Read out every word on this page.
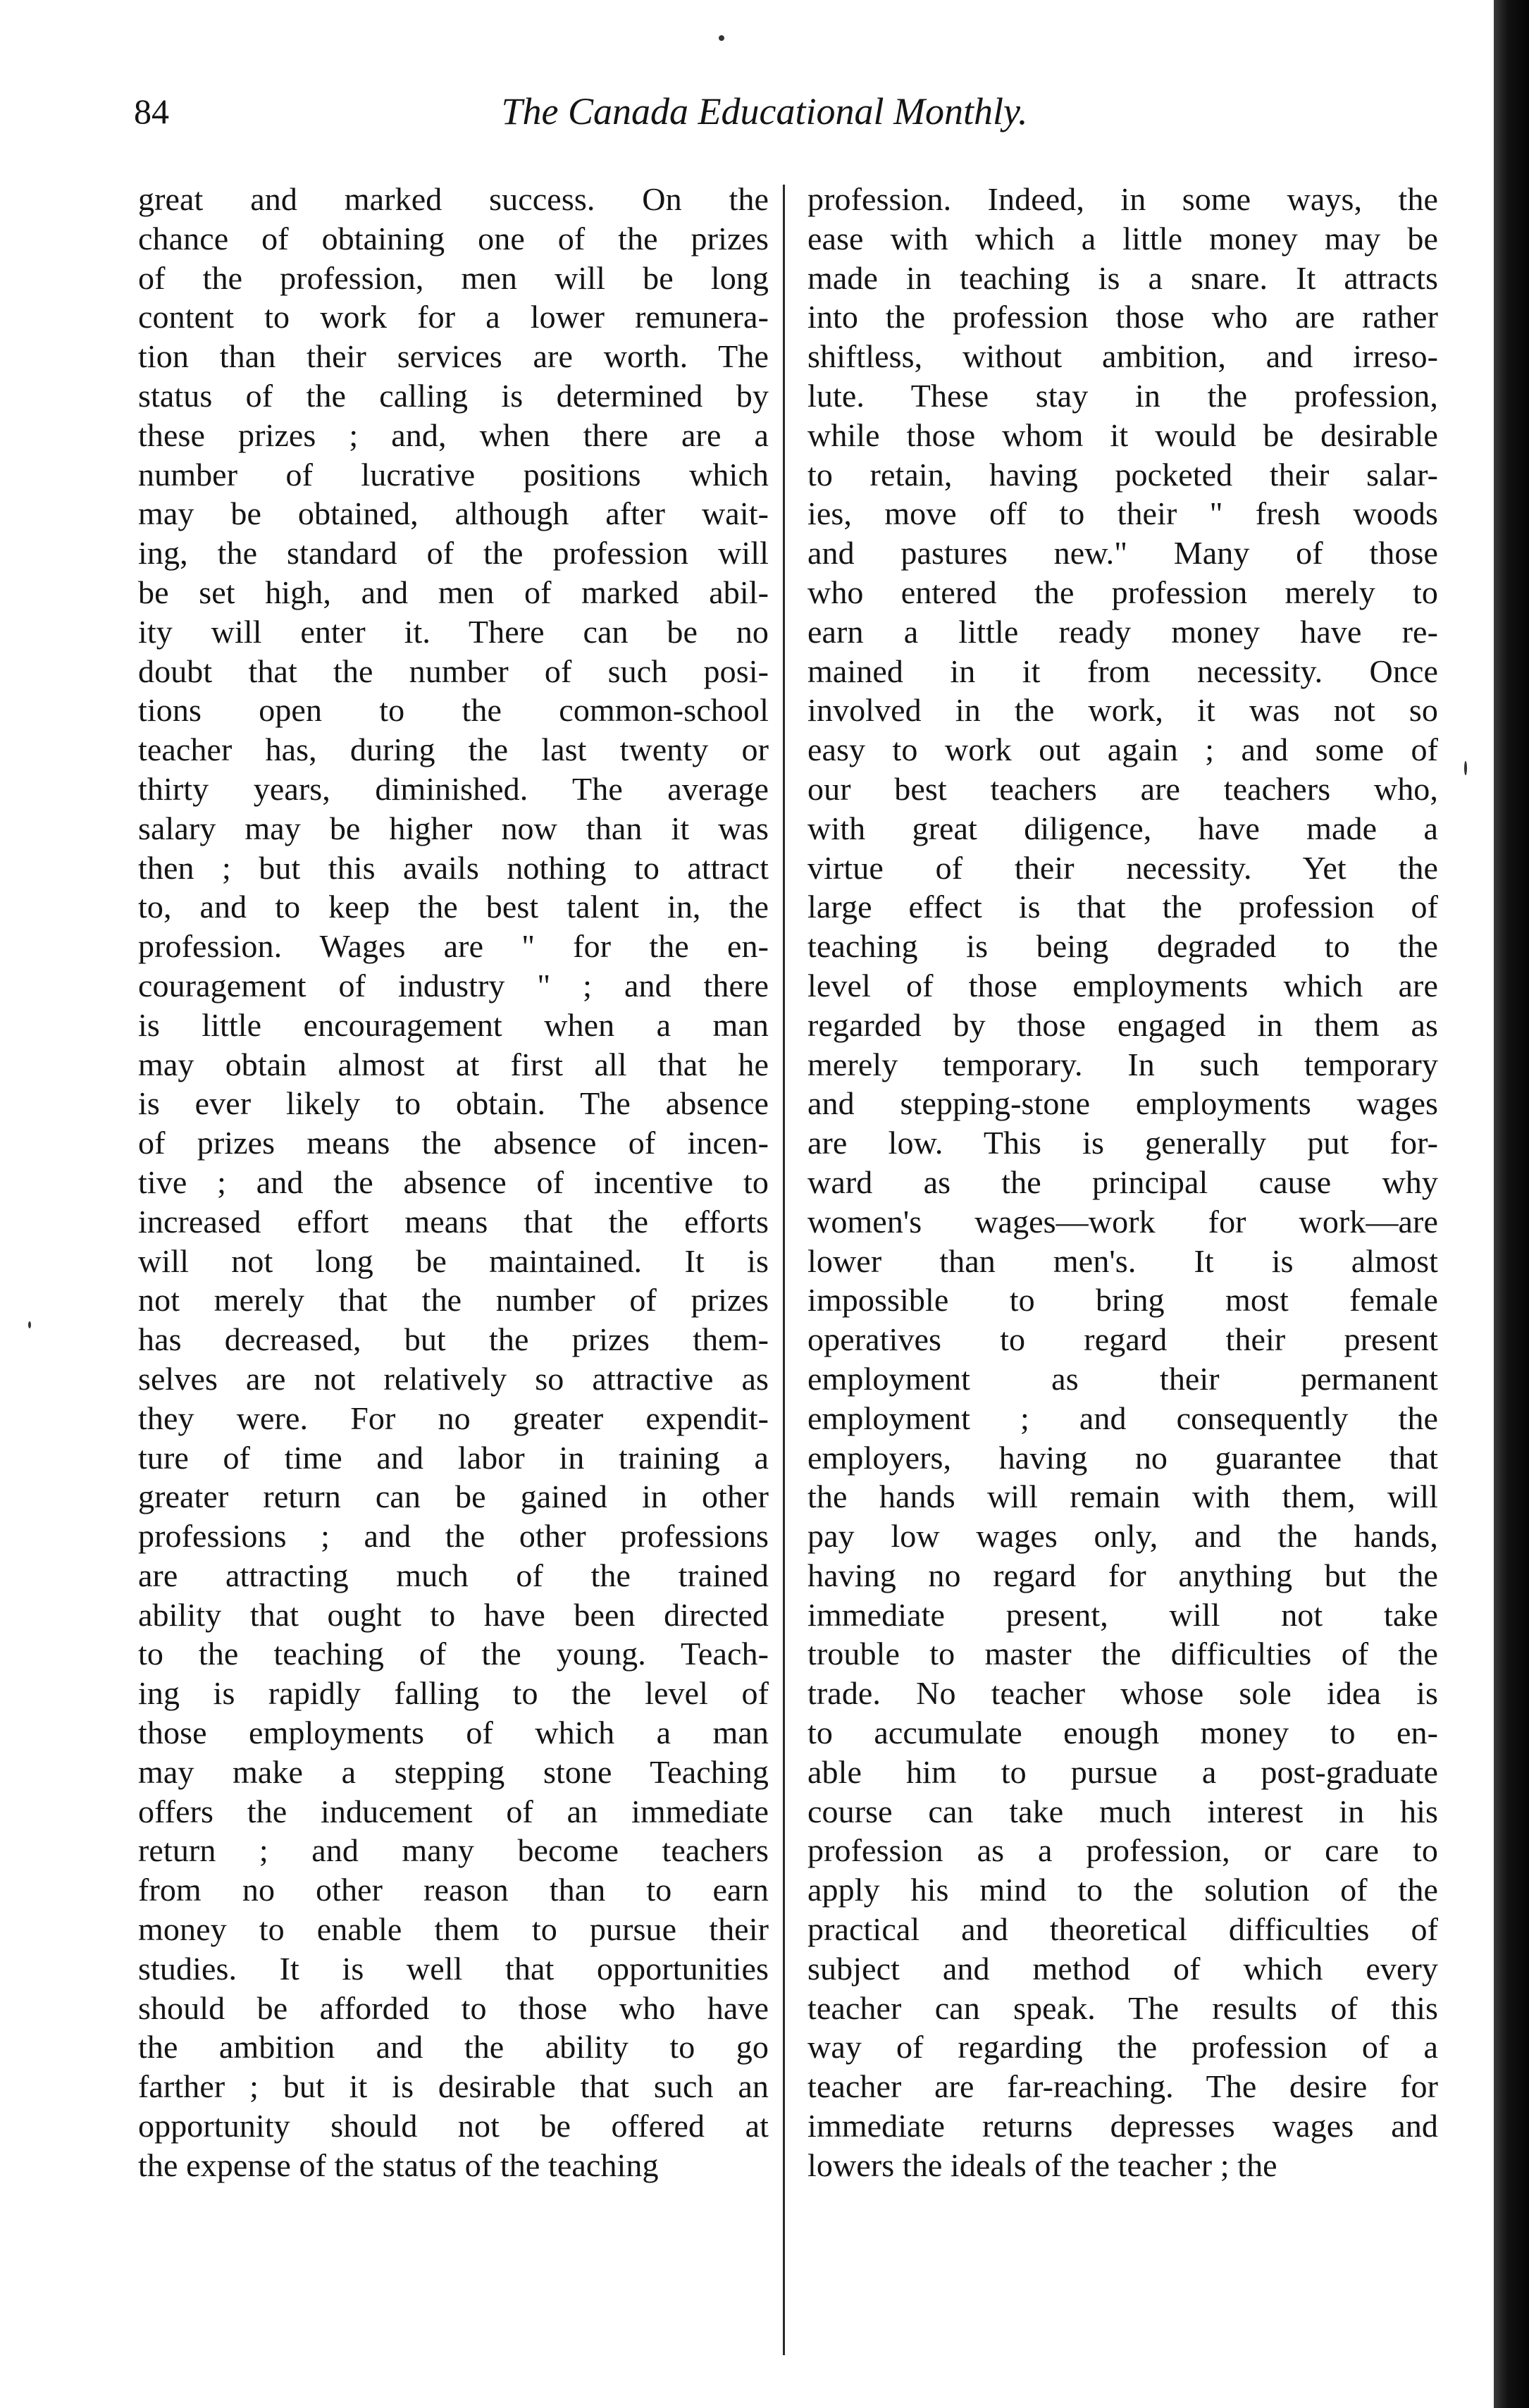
84	The Canada Educational Monthly.
great and marked success. On the
chance of obtaining one of the prizes
of the profession, men will be long
content to work for a lower remunera-
tion than their services are worth. The
status of the calling is determined by
these prizes ; and, when there are a
number of lucrative positions which
may be obtained, although after wait-
ing, the standard of the profession will
be set high, and men of marked abil-
ity will enter it. There can be no
doubt that the number of such posi-
tions open to the common-school
teacher has, during the last twenty or
thirty years, diminished. The average
salary may be higher now than it was
then ; but this avails nothing to attract
to, and to keep the best talent in, the
profession. Wages are " for the en-
couragement of industry " ; and there
is little encouragement when a man
may obtain almost at first all that he
is ever likely to obtain. The absence
of prizes means the absence of incen-
tive ; and the absence of incentive to
increased effort means that the efforts
will not long be maintained. It is
not merely that the number of prizes
has decreased, but the prizes them-
selves are not relatively so attractive as
they were. For no greater expendit-
ture of time and labor in training a
greater return can be gained in other
professions ; and the other professions
are attracting much of the trained
ability that ought to have been directed
to the teaching of the young. Teach-
ing is rapidly falling to the level of
those employments of which a man
may make a stepping stone Teaching
offers the inducement of an immediate
return ; and many become teachers
from no other reason than to earn
money to enable them to pursue their
studies. It is well that opportunities
should be afforded to those who have
the ambition and the ability to go
farther ; but it is desirable that such an
opportunity should not be offered at
the expense of the status of the teaching
profession. Indeed, in some ways, the
ease with which a little money may be
made in teaching is a snare. It attracts
into the profession those who are rather
shiftless, without ambition, and irreso-
lute. These stay in the profession,
while those whom it would be desirable
to retain, having pocketed their salar-
ies, move off to their " fresh woods
and pastures new." Many of those
who entered the profession merely to
earn a little ready money have re-
mained in it from necessity. Once
involved in the work, it was not so
easy to work out again ; and some of
our best teachers are teachers who,
with great diligence, have made a
virtue of their necessity. Yet the
large effect is that the profession of
teaching is being degraded to the
level of those employments which are
regarded by those engaged in them as
merely temporary. In such temporary
and stepping-stone employments wages
are low. This is generally put for-
ward as the principal cause why
women's wages—work for work—are
lower than men's. It is almost
impossible to bring most female
operatives to regard their present
employment as their permanent
employment ; and consequently the
employers, having no guarantee that
the hands will remain with them, will
pay low wages only, and the hands,
having no regard for anything but the
immediate present, will not take
trouble to master the difficulties of the
trade. No teacher whose sole idea is
to accumulate enough money to en-
able him to pursue a post-graduate
course can take much interest in his
profession as a profession, or care to
apply his mind to the solution of the
practical and theoretical difficulties of
subject and method of which every
teacher can speak. The results of this
way of regarding the profession of a
teacher are far-reaching. The desire for
immediate returns depresses wages and
lowers the ideals of the teacher ; the
